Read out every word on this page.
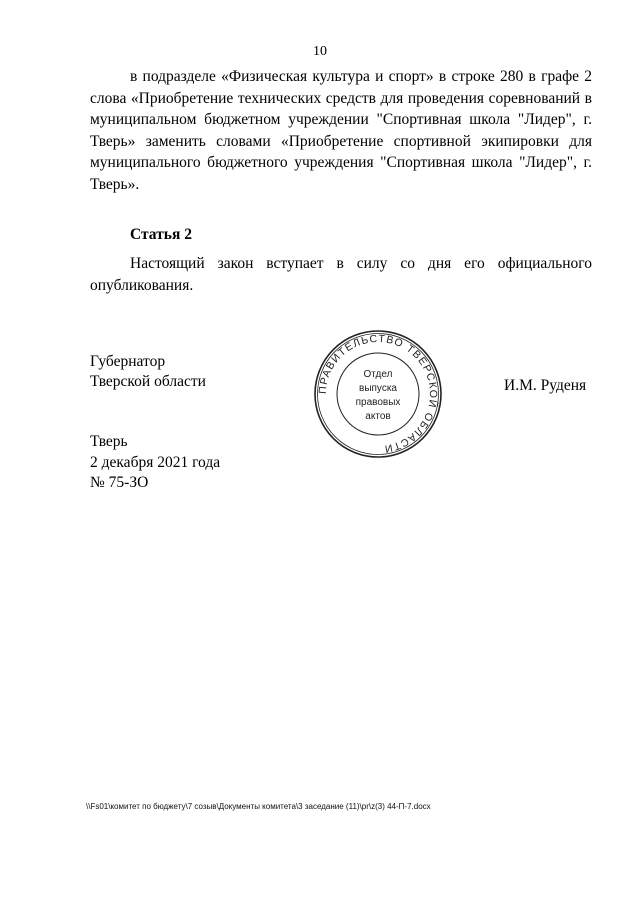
10
в подразделе «Физическая культура и спорт» в строке 280 в графе 2 слова «Приобретение технических средств для проведения соревнований в муниципальном бюджетном учреждении "Спортивная школа "Лидер", г. Тверь» заменить словами «Приобретение спортивной экипировки для муниципального бюджетного учреждения "Спортивная школа "Лидер", г. Тверь».
Статья 2
Настоящий закон вступает в силу со дня его официального опубликования.
Губернатор
Тверской области	ПРАВИТЕЛЬСТВО ТВЕРСКОЙ ОБЛАСТИ
Отдел
выпуска
правовых
актов
И.М. Руденя
Тверь
2 декабря 2021 года
№ 75-ЗО
\\Fs01\комитет по бюджету\7 созыв\Документы комитета\3 заседание (11)\pr\z(3) 44-П-7.docx
